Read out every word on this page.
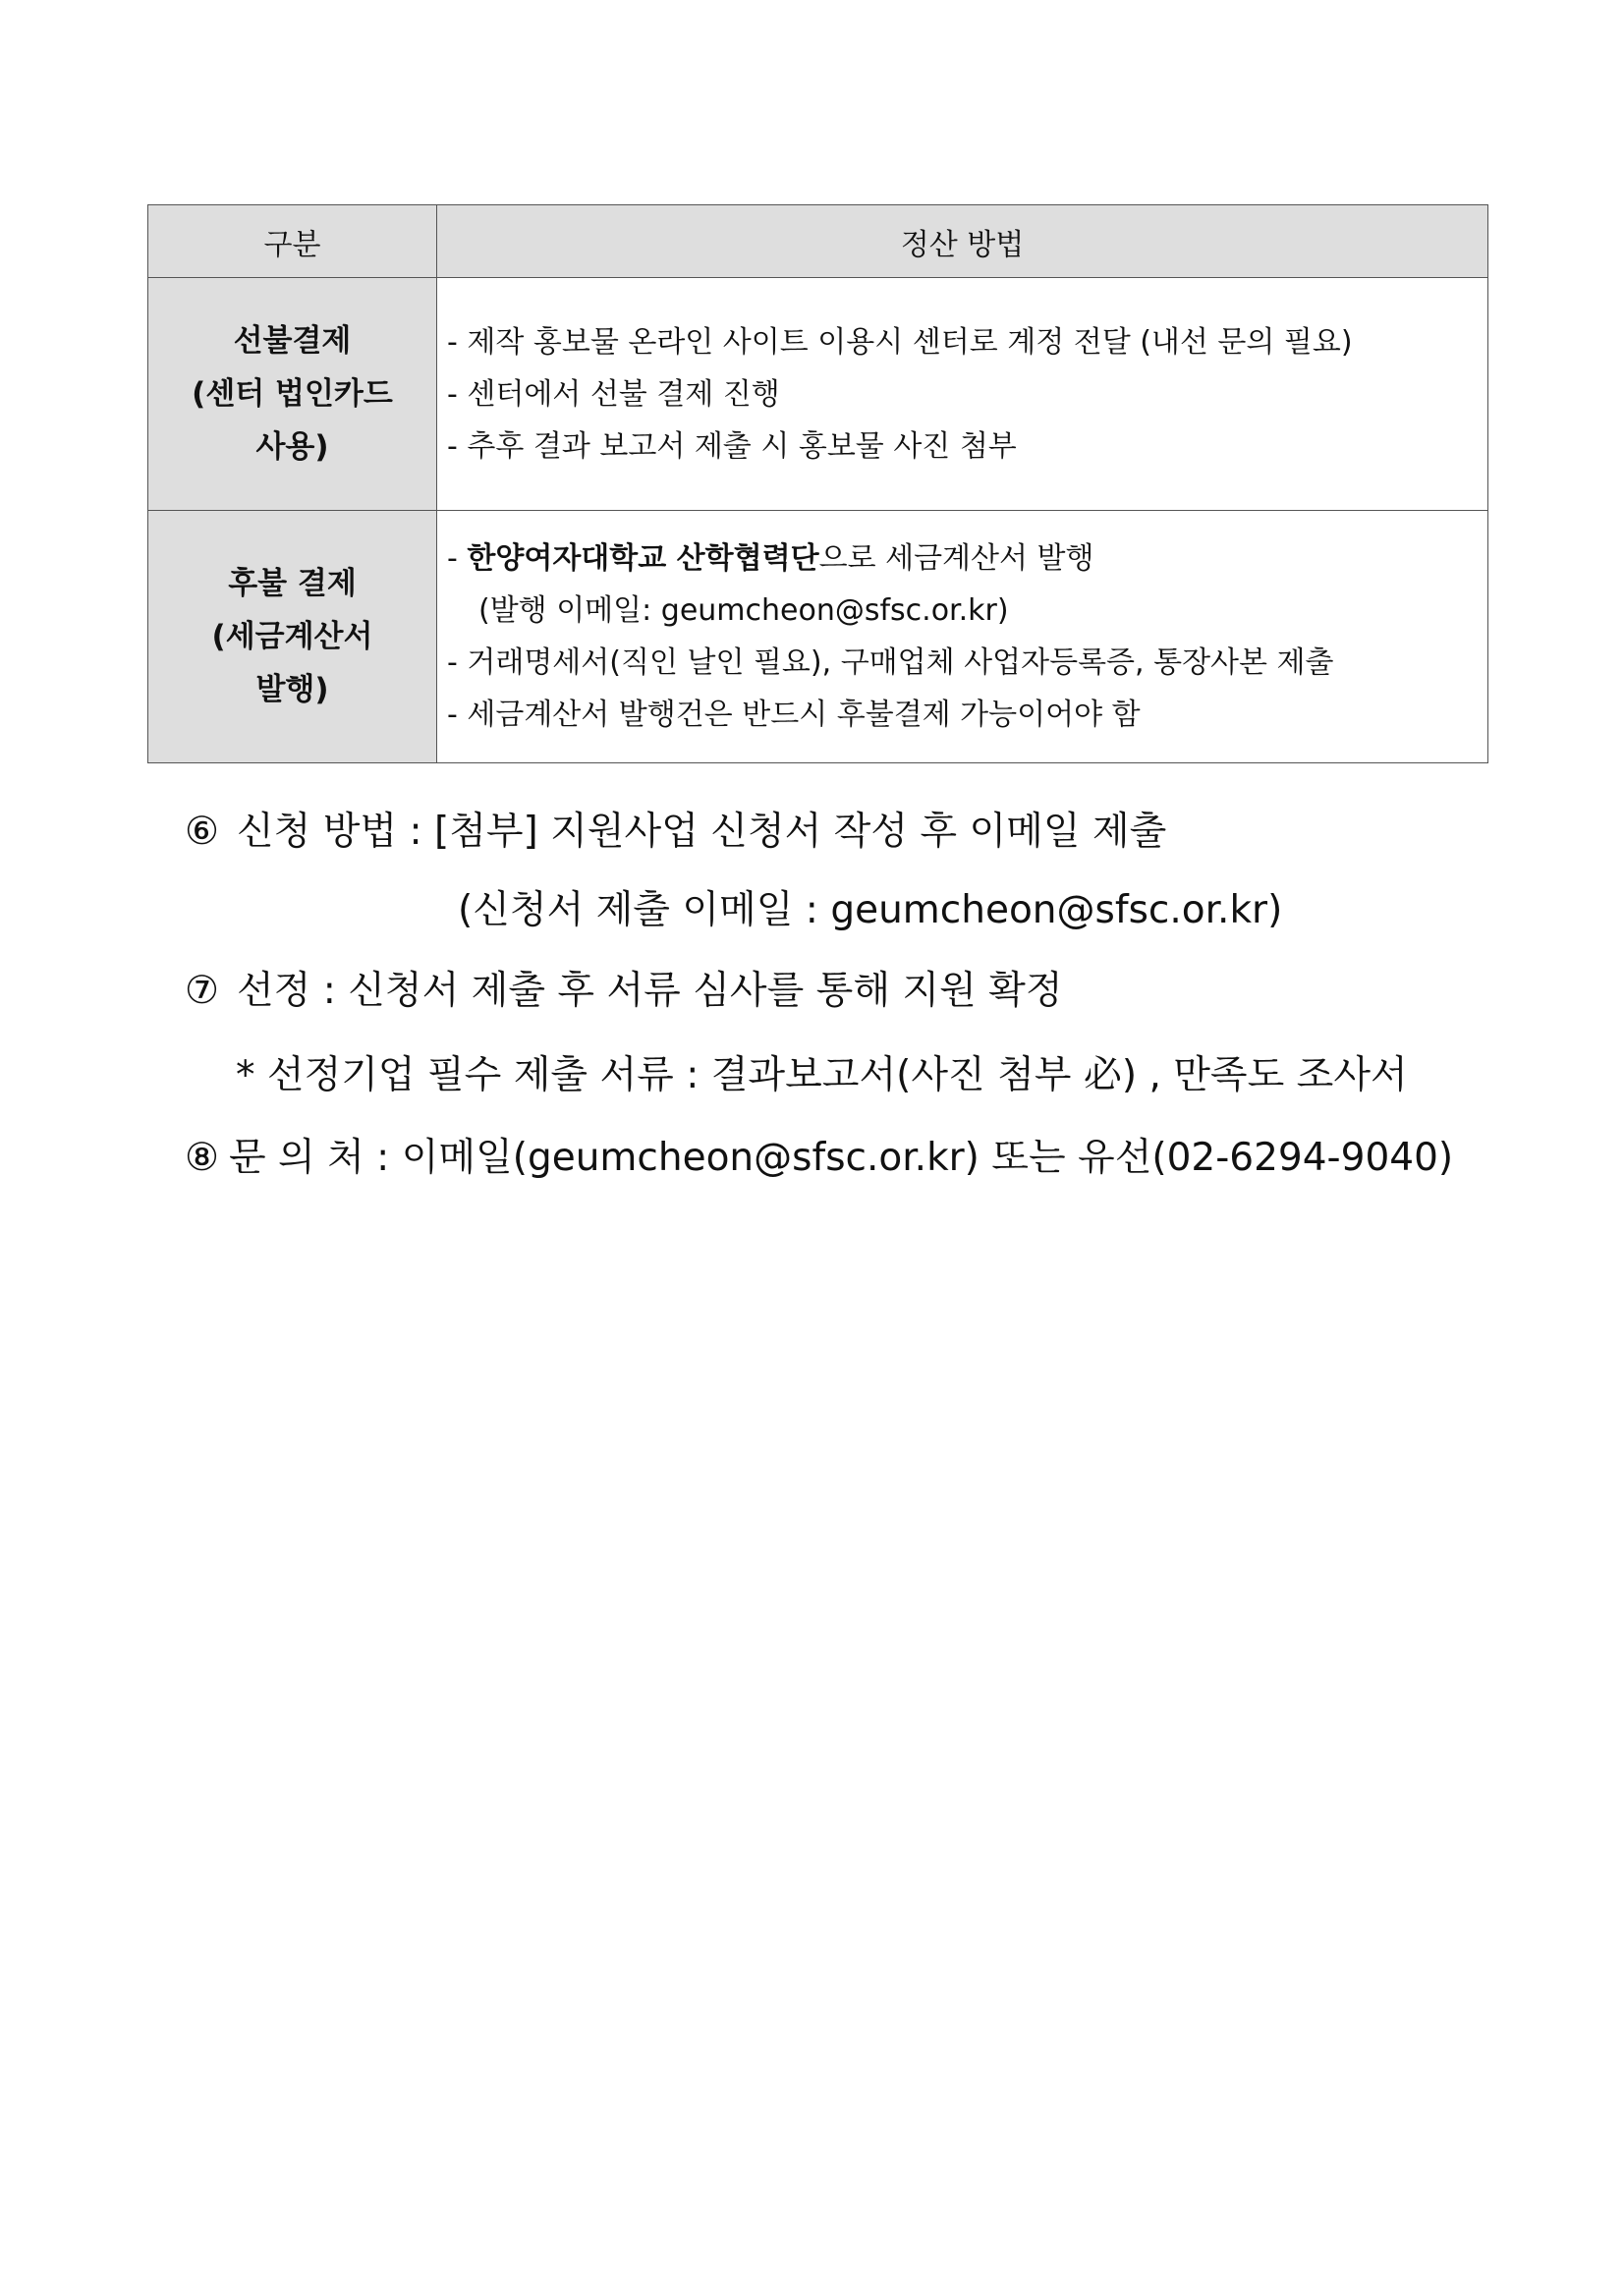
구분	정산 방법

선불결제
(센터 법인카드
사용)	- 제작 홍보물 온라인 사이트 이용시 센터로 계정 전달 (내선 문의 필요)
- 센터에서 선불 결제 진행
- 추후 결과 보고서 제출 시 홍보물 사진 첨부

후불 결제
(세금계산서
발행)	- 한양여자대학교 산학협력단으로 세금계산서 발행
(발행 이메일: geumcheon@sfsc.or.kr)
- 거래명세서(직인 날인 필요), 구매업체 사업자등록증, 통장사본 제출
- 세금계산서 발행건은 반드시 후불결제 가능이어야 함
⑥ 신청 방법 : [첨부] 지원사업 신청서 작성 후 이메일 제출
(신청서 제출 이메일 : geumcheon@sfsc.or.kr)
⑦ 선정 : 신청서 제출 후 서류 심사를 통해 지원 확정
* 선정기업 필수 제출 서류 : 결과보고서(사진 첨부 必) , 만족도 조사서
⑧ 문 의 처 : 이메일(geumcheon@sfsc.or.kr) 또는 유선(02-6294-9040)
